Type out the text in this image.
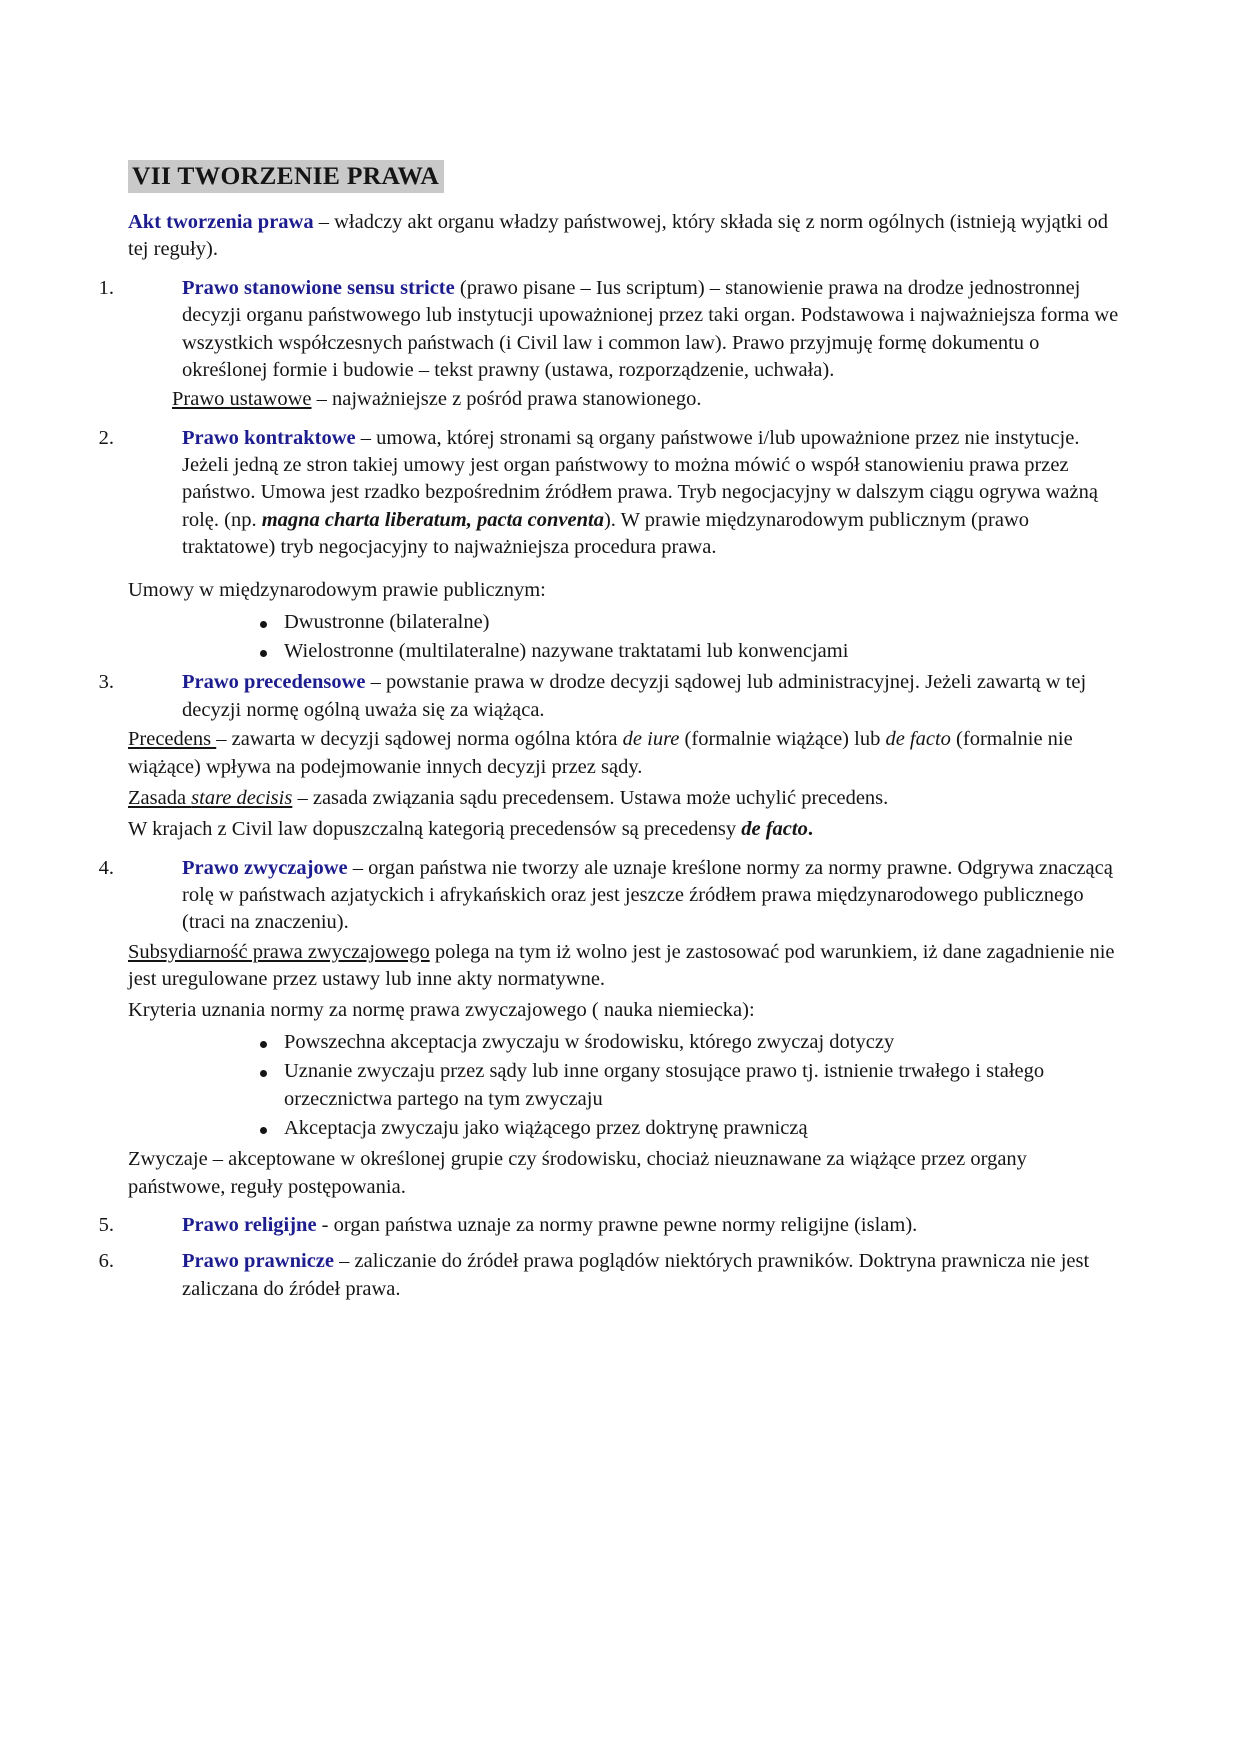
VII TWORZENIE PRAWA

Akt tworzenia prawa – władczy akt organu władzy państwowej, który składa się z norm ogólnych (istnieją wyjątki od tej reguły).

1.	Prawo stanowione sensu stricte (prawo pisane – Ius scriptum) – stanowienie prawa na drodze jednostronnej decyzji organu państwowego lub instytucji upoważnionej przez taki organ. Podstawowa i najważniejsza forma we wszystkich współczesnych państwach (i Civil law i common law). Prawo przyjmuję formę dokumentu o określonej formie i budowie – tekst prawny (ustawa, rozporządzenie, uchwała).

Prawo ustawowe – najważniejsze z pośród prawa stanowionego.

2.	Prawo kontraktowe – umowa, której stronami są organy państwowe i/lub upoważnione przez nie instytucje. Jeżeli jedną ze stron takiej umowy jest organ państwowy to można mówić o współ stanowieniu prawa przez państwo. Umowa jest rzadko bezpośrednim źródłem prawa. Tryb negocjacyjny w dalszym ciągu ogrywa ważną rolę. (np. magna charta liberatum, pacta conventa). W prawie międzynarodowym publicznym (prawo traktatowe) tryb negocjacyjny to najważniejsza procedura prawa.

Umowy w międzynarodowym prawie publicznym:

Dwustronne (bilateralne)
Wielostronne (multilateralne) nazywane traktatami lub konwencjami
3.	Prawo precedensowe – powstanie prawa w drodze decyzji sądowej lub administracyjnej. Jeżeli zawartą w tej decyzji normę ogólną uważa się za wiążąca.

Precedens – zawarta w decyzji sądowej norma ogólna która de iure (formalnie wiążące) lub de facto (formalnie nie wiążące) wpływa na podejmowanie innych decyzji przez sądy.

Zasada stare decisis – zasada związania sądu precedensem. Ustawa może uchylić precedens.

W krajach z Civil law dopuszczalną kategorią precedensów są precedensy de facto.

4.	Prawo zwyczajowe – organ państwa nie tworzy ale uznaje kreślone normy za normy prawne. Odgrywa znaczącą rolę w państwach azjatyckich i afrykańskich oraz jest jeszcze źródłem prawa międzynarodowego publicznego (traci na znaczeniu).

Subsydiarność prawa zwyczajowego polega na tym iż wolno jest je zastosować pod warunkiem, iż dane zagadnienie nie jest uregulowane przez ustawy lub inne akty normatywne.

Kryteria uznania normy za normę prawa zwyczajowego ( nauka niemiecka):

Powszechna akceptacja zwyczaju w środowisku, którego zwyczaj dotyczy
Uznanie zwyczaju przez sądy lub inne organy stosujące prawo tj. istnienie trwałego i stałego orzecznictwa partego na tym zwyczaju
Akceptacja zwyczaju jako wiążącego przez doktrynę prawniczą

Zwyczaje – akceptowane w określonej grupie czy środowisku, chociaż nieuznawane za wiążące przez organy państwowe, reguły postępowania.

5.	Prawo religijne - organ państwa uznaje za normy prawne pewne normy religijne (islam).
6.	Prawo prawnicze – zaliczanie do źródeł prawa poglądów niektórych prawników. Doktryna prawnicza nie jest zaliczana do źródeł prawa.
